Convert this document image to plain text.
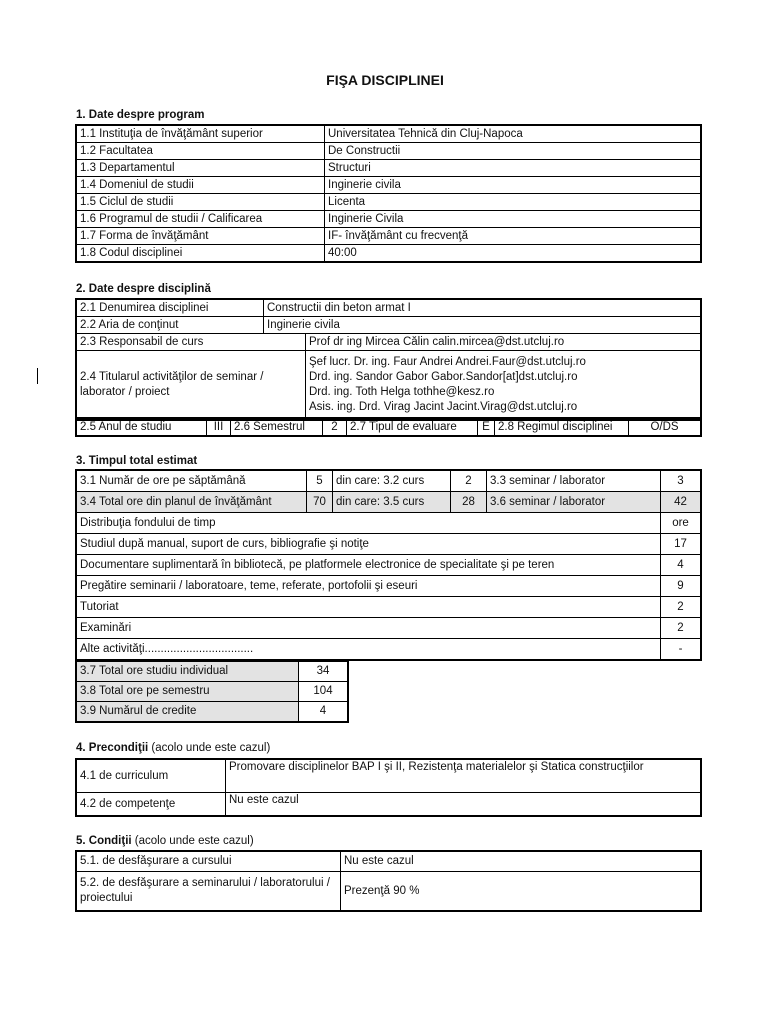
FIŞA DISCIPLINEI
1. Date despre program
1.1 Instituţia de învăţământ superior	Universitatea Tehnică din Cluj-Napoca
1.2 Facultatea	De Constructii
1.3 Departamentul	Structuri
1.4 Domeniul de studii	Inginerie civila
1.5 Ciclul de studii	Licenta
1.6 Programul de studii / Calificarea	Inginerie Civila
1.7 Forma de învăţământ	IF- învăţământ cu frecvenţă
1.8 Codul disciplinei	40:00
2. Date despre disciplină
2.1 Denumirea disciplinei	Constructii din beton armat I	
2.2 Aria de conţinut	Inginerie civila	
2.3 Responsabil de curs		Prof dr ing Mircea Călin calin.mircea@dst.utcluj.ro
2.4 Titularul activităţilor de seminar / laborator / proiect		Şef lucr. Dr. ing. Faur Andrei Andrei.Faur@dst.utcluj.ro
Drd. ing. Sandor Gabor Gabor.Sandor[at]dst.utcluj.ro
Drd. ing. Toth Helga tothhe@kesz.ro
Asis. ing. Drd. Virag Jacint Jacint.Virag@dst.utcluj.ro
2.5 Anul de studiu	III	2.6 Semestrul	2	2.7 Tipul de evaluare	E	2.8 Regimul disciplinei	O/DS
3. Timpul total estimat
3.1 Număr de ore pe săptămână	5	din care: 3.2 curs	2	3.3 seminar / laborator	3
3.4 Total ore din planul de învăţământ	70	din care: 3.5 curs	28	3.6 seminar / laborator	42
Distribuţia fondului de timp					ore
Studiul după manual, suport de curs, bibliografie şi notiţe					17
Documentare suplimentară în bibliotecă, pe platformele electronice de specialitate şi pe teren					4
Pregătire seminarii / laboratoare, teme, referate, portofolii şi eseuri					9
Tutoriat					2
Examinări					2
Alte activităţi..................................					-
3.7 Total ore studiu individual	34
3.8 Total ore pe semestru	104
3.9 Numărul de credite	4
4. Precondiţii (acolo unde este cazul)
4.1 de curriculum	Promovare disciplinelor BAP I şi II, Rezistenţa materialelor şi Statica construcţiilor
4.2 de competenţe	Nu este cazul
5. Condiţii (acolo unde este cazul)
5.1. de desfăşurare a cursului	Nu este cazul
5.2. de desfăşurare a seminarului / laboratorului / proiectului	Prezenţă 90 %
